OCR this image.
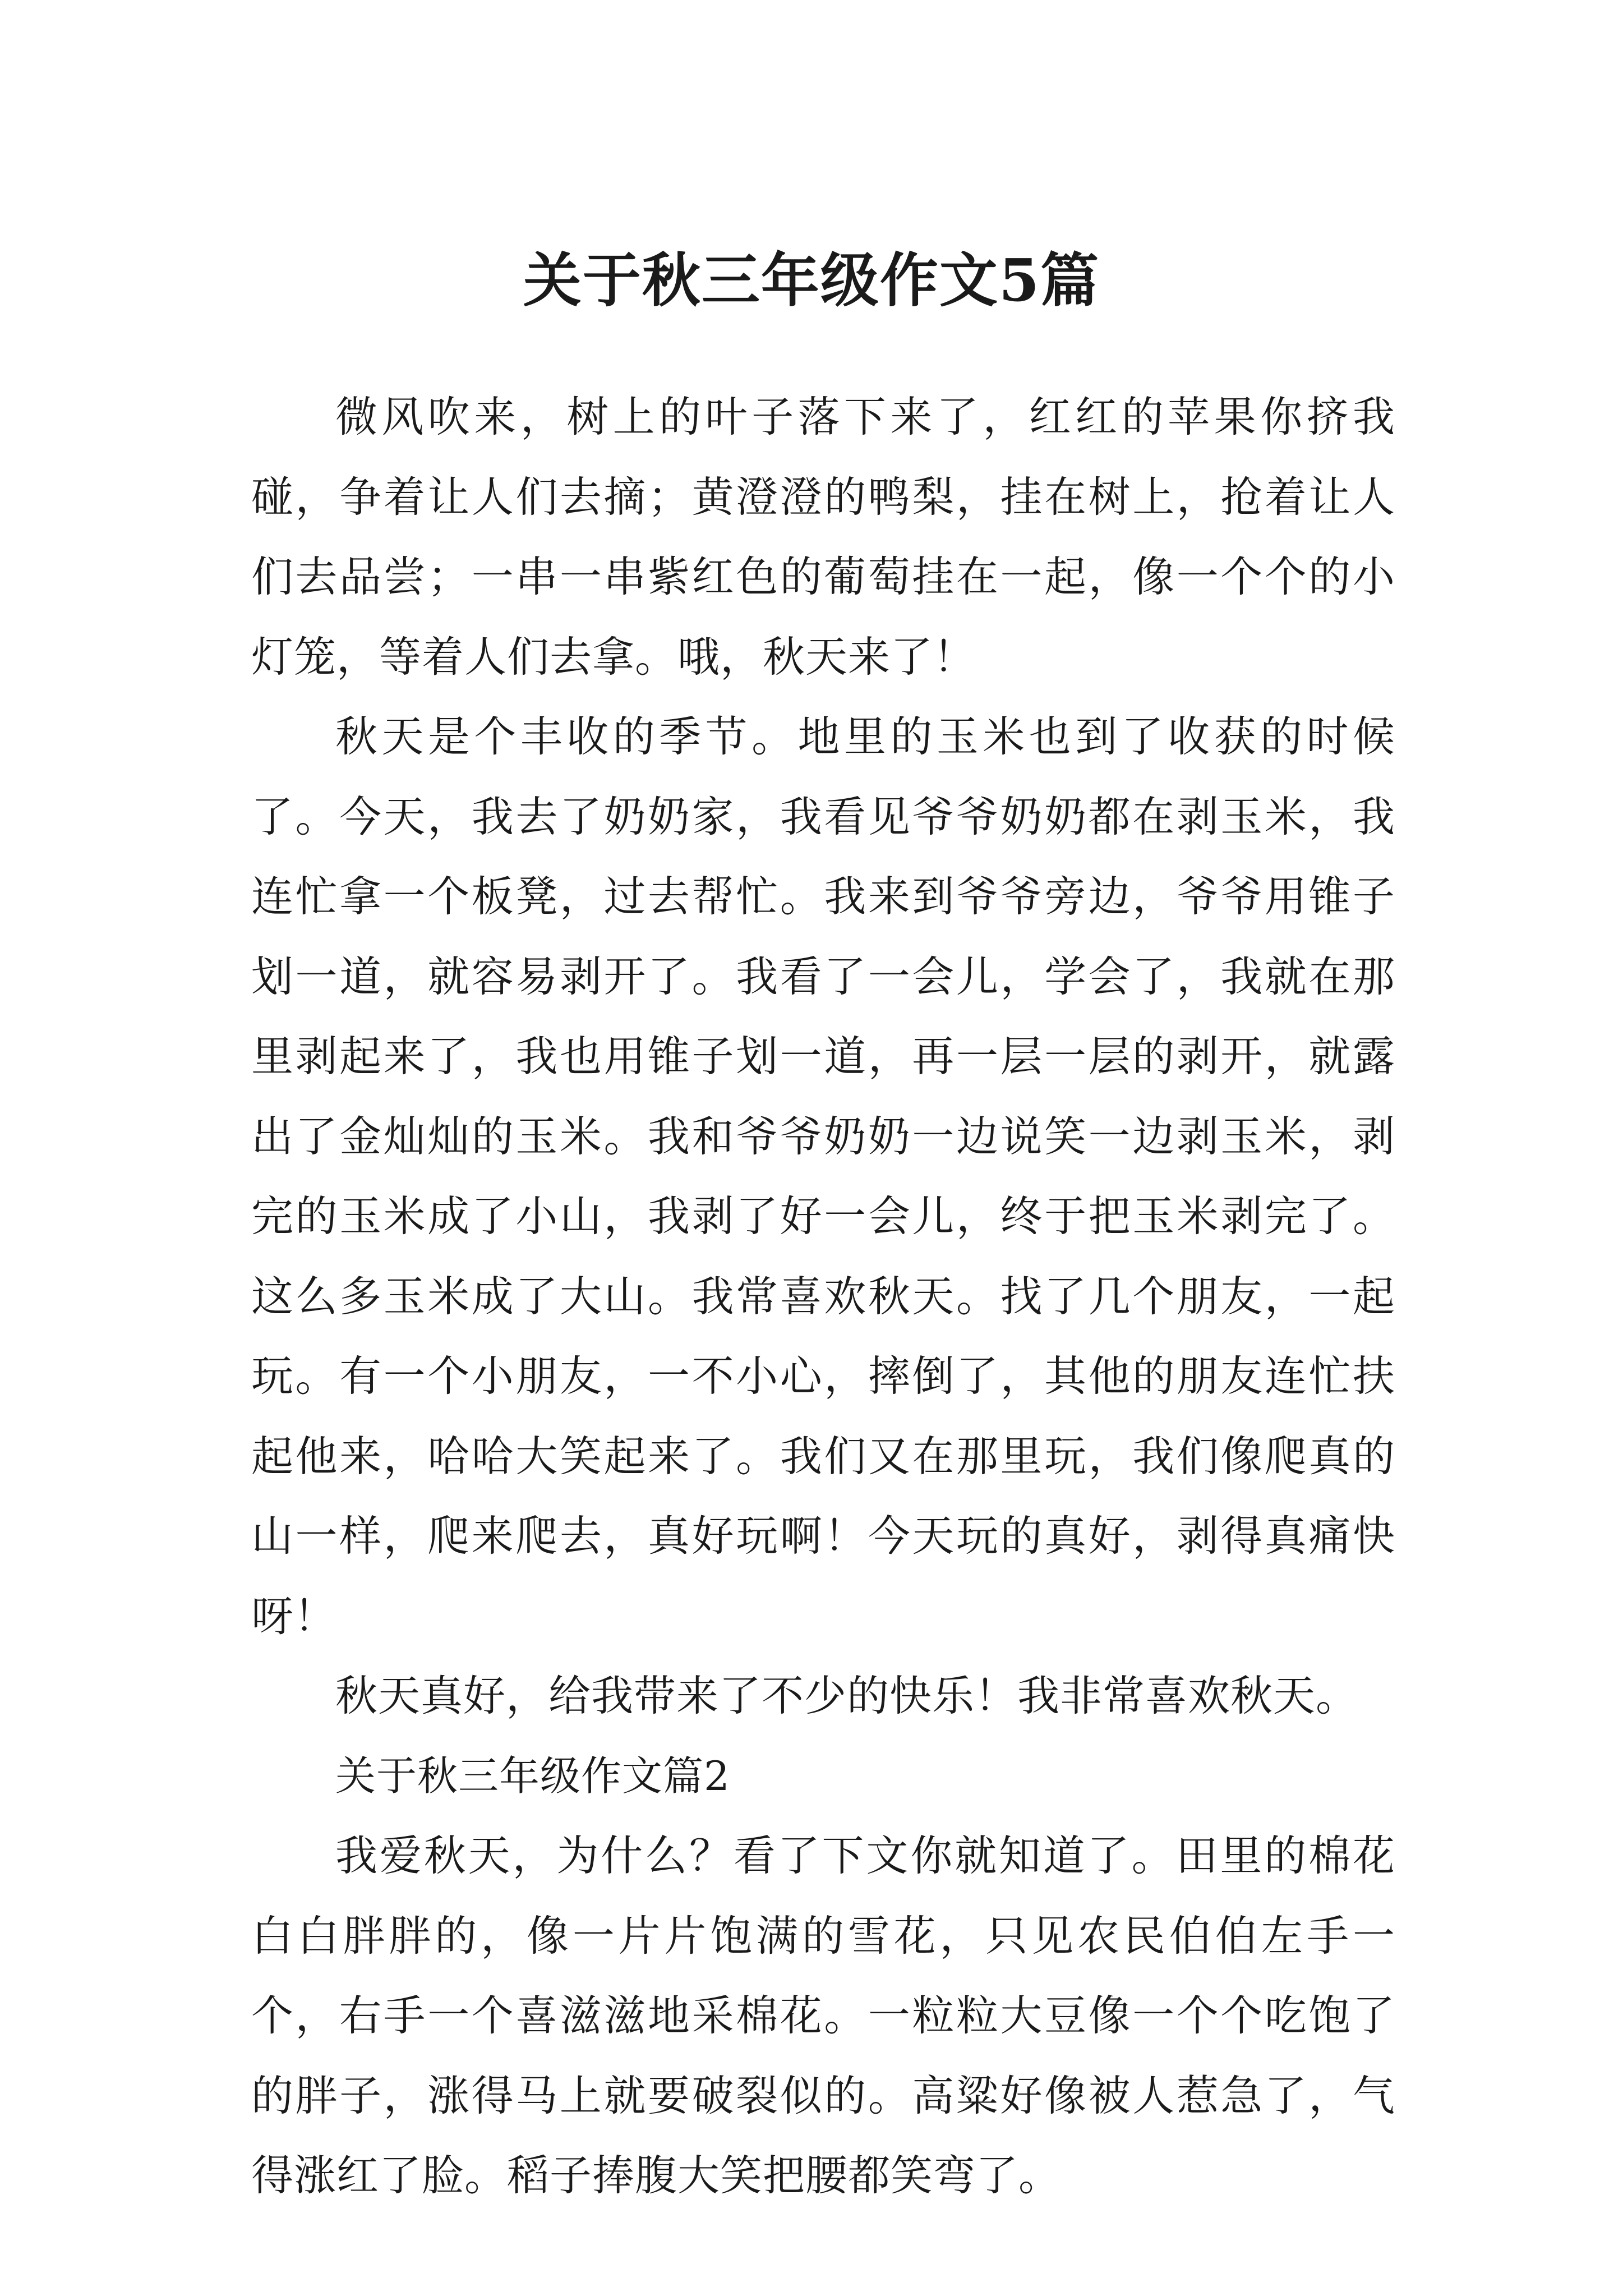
关于秋三年级作文5篇

微风吹来，树上的叶子落下来了，红红的苹果你挤我碰，争着让人们去摘；黄澄澄的鸭梨，挂在树上，抢着让人们去品尝；一串一串紫红色的葡萄挂在一起，像一个个的小灯笼，等着人们去拿。哦，秋天来了！

秋天是个丰收的季节。地里的玉米也到了收获的时候了。今天，我去了奶奶家，我看见爷爷奶奶都在剥玉米，我连忙拿一个板凳，过去帮忙。我来到爷爷旁边，爷爷用锥子划一道，就容易剥开了。我看了一会儿，学会了，我就在那里剥起来了，我也用锥子划一道，再一层一层的剥开，就露出了金灿灿的玉米。我和爷爷奶奶一边说笑一边剥玉米，剥完的玉米成了小山，我剥了好一会儿，终于把玉米剥完了。这么多玉米成了大山。我常喜欢秋天。找了几个朋友，一起玩。有一个小朋友，一不小心，摔倒了，其他的朋友连忙扶起他来，哈哈大笑起来了。我们又在那里玩，我们像爬真的山一样，爬来爬去，真好玩啊！今天玩的真好，剥得真痛快呀！

秋天真好，给我带来了不少的快乐！我非常喜欢秋天。

关于秋三年级作文篇2

我爱秋天，为什么？看了下文你就知道了。田里的棉花白白胖胖的，像一片片饱满的雪花，只见农民伯伯左手一个，右手一个喜滋滋地采棉花。一粒粒大豆像一个个吃饱了的胖子，涨得马上就要破裂似的。高粱好像被人惹急了，气得涨红了脸。稻子捧腹大笑把腰都笑弯了。
